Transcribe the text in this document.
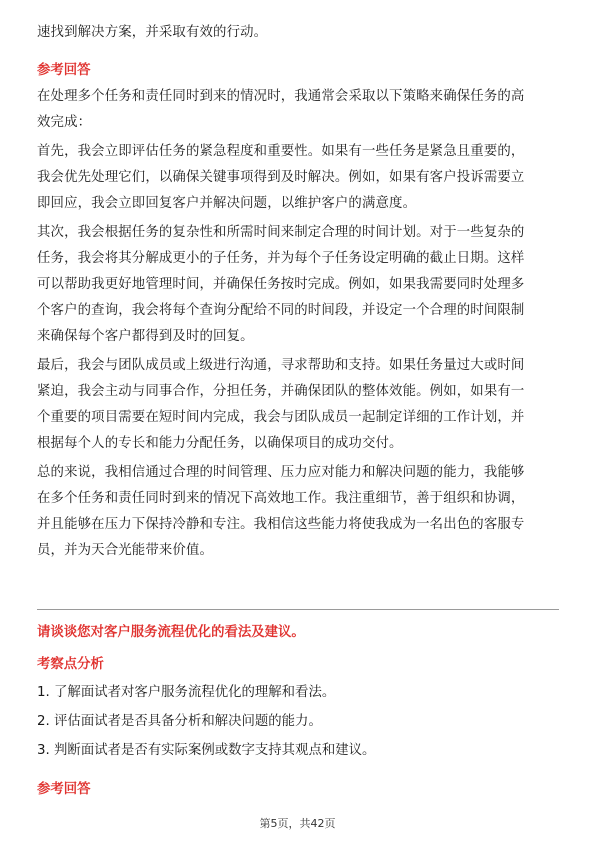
速找到解决方案，并采取有效的行动。

参考回答

在处理多个任务和责任同时到来的情况时，我通常会采取以下策略来确保任务的高

效完成：

首先，我会立即评估任务的紧急程度和重要性。如果有一些任务是紧急且重要的，

我会优先处理它们，以确保关键事项得到及时解决。例如，如果有客户投诉需要立

即回应，我会立即回复客户并解决问题，以维护客户的满意度。

其次，我会根据任务的复杂性和所需时间来制定合理的时间计划。对于一些复杂的

任务，我会将其分解成更小的子任务，并为每个子任务设定明确的截止日期。这样

可以帮助我更好地管理时间，并确保任务按时完成。例如，如果我需要同时处理多

个客户的查询，我会将每个查询分配给不同的时间段，并设定一个合理的时间限制

来确保每个客户都得到及时的回复。

最后，我会与团队成员或上级进行沟通，寻求帮助和支持。如果任务量过大或时间

紧迫，我会主动与同事合作，分担任务，并确保团队的整体效能。例如，如果有一

个重要的项目需要在短时间内完成，我会与团队成员一起制定详细的工作计划，并

根据每个人的专长和能力分配任务，以确保项目的成功交付。

总的来说，我相信通过合理的时间管理、压力应对能力和解决问题的能力，我能够

在多个任务和责任同时到来的情况下高效地工作。我注重细节，善于组织和协调，

并且能够在压力下保持冷静和专注。我相信这些能力将使我成为一名出色的客服专

员，并为天合光能带来价值。

请谈谈您对客户服务流程优化的看法及建议。

考察点分析

1. 了解面试者对客户服务流程优化的理解和看法。

2. 评估面试者是否具备分析和解决问题的能力。

3. 判断面试者是否有实际案例或数字支持其观点和建议。

参考回答

第5页，共42页
